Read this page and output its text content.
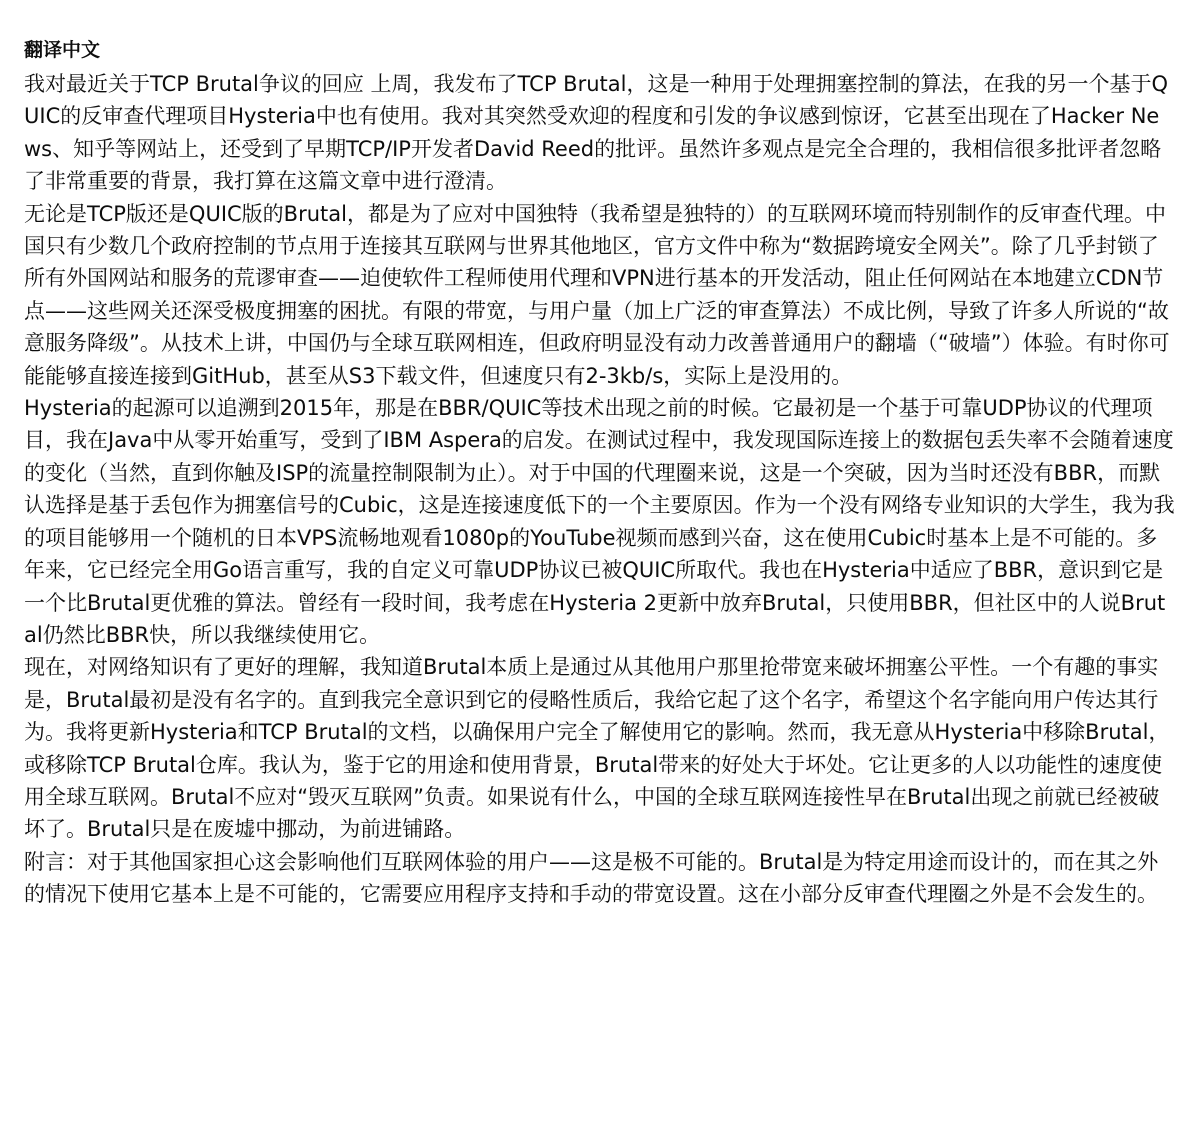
翻译中文

我对最近关于TCP Brutal争议的回应 上周，我发布了TCP Brutal，这是一种用于处理拥塞控制的算法，在我的另一个基于QUIC的反审查代理项目Hysteria中也有使用。我对其突然受欢迎的程度和引发的争议感到惊讶，它甚至出现在了Hacker News、知乎等网站上，还受到了早期TCP/IP开发者David Reed的批评。虽然许多观点是完全合理的，我相信很多批评者忽略了非常重要的背景，我打算在这篇文章中进行澄清。

无论是TCP版还是QUIC版的Brutal，都是为了应对中国独特（我希望是独特的）的互联网环境而特别制作的反审查代理。中国只有少数几个政府控制的节点用于连接其互联网与世界其他地区，官方文件中称为“数据跨境安全网关”。除了几乎封锁了所有外国网站和服务的荒谬审查——迫使软件工程师使用代理和VPN进行基本的开发活动，阻止任何网站在本地建立CDN节点——这些网关还深受极度拥塞的困扰。有限的带宽，与用户量（加上广泛的审查算法）不成比例，导致了许多人所说的“故意服务降级”。从技术上讲，中国仍与全球互联网相连，但政府明显没有动力改善普通用户的翻墙（“破墙”）体验。有时你可能能够直接连接到GitHub，甚至从S3下载文件，但速度只有2-3kb/s，实际上是没用的。

Hysteria的起源可以追溯到2015年，那是在BBR/QUIC等技术出现之前的时候。它最初是一个基于可靠UDP协议的代理项目，我在Java中从零开始重写，受到了IBM Aspera的启发。在测试过程中，我发现国际连接上的数据包丢失率不会随着速度的变化（当然，直到你触及ISP的流量控制限制为止）。对于中国的代理圈来说，这是一个突破，因为当时还没有BBR，而默认选择是基于丢包作为拥塞信号的Cubic，这是连接速度低下的一个主要原因。作为一个没有网络专业知识的大学生，我为我的项目能够用一个随机的日本VPS流畅地观看1080p的YouTube视频而感到兴奋，这在使用Cubic时基本上是不可能的。多年来，它已经完全用Go语言重写，我的自定义可靠UDP协议已被QUIC所取代。我也在Hysteria中适应了BBR，意识到它是一个比Brutal更优雅的算法。曾经有一段时间，我考虑在Hysteria 2更新中放弃Brutal，只使用BBR，但社区中的人说Brutal仍然比BBR快，所以我继续使用它。

现在，对网络知识有了更好的理解，我知道Brutal本质上是通过从其他用户那里抢带宽来破坏拥塞公平性。一个有趣的事实是，Brutal最初是没有名字的。直到我完全意识到它的侵略性质后，我给它起了这个名字，希望这个名字能向用户传达其行为。我将更新Hysteria和TCP Brutal的文档，以确保用户完全了解使用它的影响。然而，我无意从Hysteria中移除Brutal，或移除TCP Brutal仓库。我认为，鉴于它的用途和使用背景，Brutal带来的好处大于坏处。它让更多的人以功能性的速度使用全球互联网。Brutal不应对“毁灭互联网”负责。如果说有什么，中国的全球互联网连接性早在Brutal出现之前就已经被破坏了。Brutal只是在废墟中挪动，为前进铺路。

附言：对于其他国家担心这会影响他们互联网体验的用户——这是极不可能的。Brutal是为特定用途而设计的，而在其之外的情况下使用它基本上是不可能的，它需要应用程序支持和手动的带宽设置。这在小部分反审查代理圈之外是不会发生的。
